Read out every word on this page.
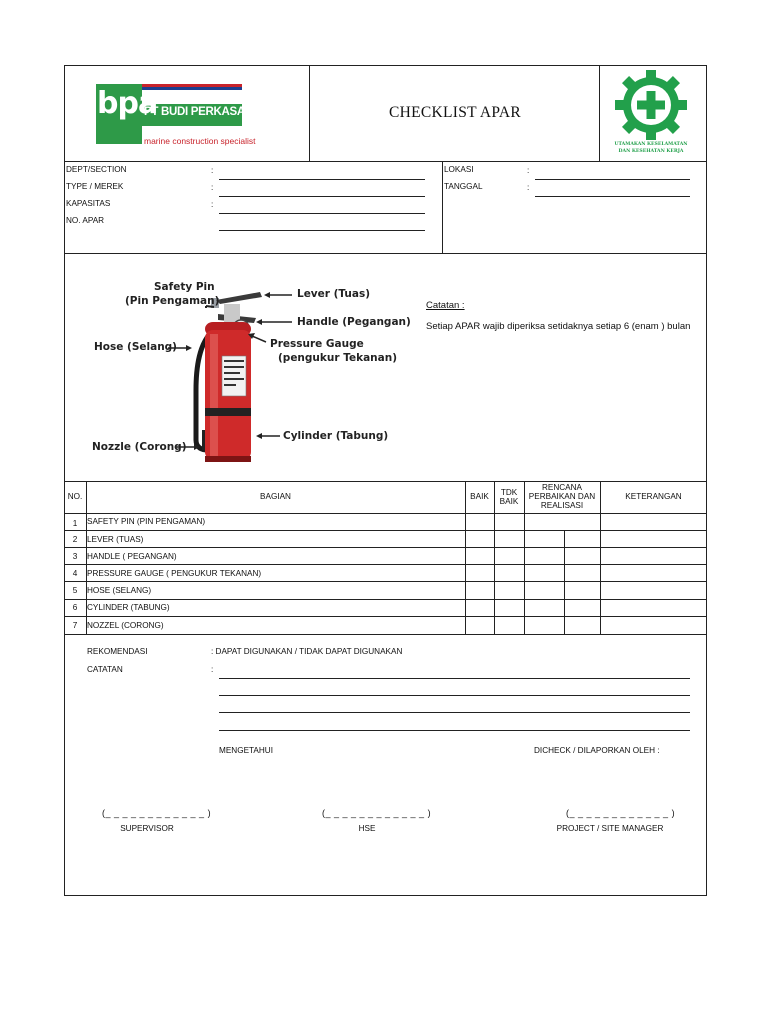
bpa
PT BUDI PERKASA ALAM
marine construction specialist
CHECKLIST APAR
UTAMAKAN KESELAMATAN
DAN KESEHATAN KERJA
DEPT/SECTION	:
TYPE / MEREK	:
KAPASITAS	:
NO. APAR
LOKASI	:
TANGGAL	:
Safety Pin
(Pin Pengaman)
Lever (Tuas)
Handle (Pegangan)
Pressure Gauge
(pengukur Tekanan)
Hose (Selang)
Cylinder (Tabung)
Nozzle (Corong)
Catatan :
Setiap APAR wajib diperiksa setidaknya setiap 6 (enam ) bulan
NO.	BAGIAN	BAIK	TDK
BAIK
RENCANA
PERBAIKAN DAN
REALISASI
KETERANGAN
1	SAFETY PIN (PIN PENGAMAN)
2	LEVER (TUAS)
3	HANDLE ( PEGANGAN)
4	PRESSURE GAUGE ( PENGUKUR TEKANAN)
5	HOSE (SELANG)
6	CYLINDER (TABUNG)
7	NOZZEL (CORONG)
REKOMENDASI	: DAPAT DIGUNAKAN / TIDAK DAPAT DIGUNAKAN
CATATAN	:
MENGETAHUI	DICHECK / DILAPORKAN OLEH :
(_ _ _ _ _ _ _ _ _ _ _ _ )	(_ _ _ _ _ _ _ _ _ _ _ _ )	(_ _ _ _ _ _ _ _ _ _ _ _ )
SUPERVISOR	HSE	PROJECT / SITE MANAGER
